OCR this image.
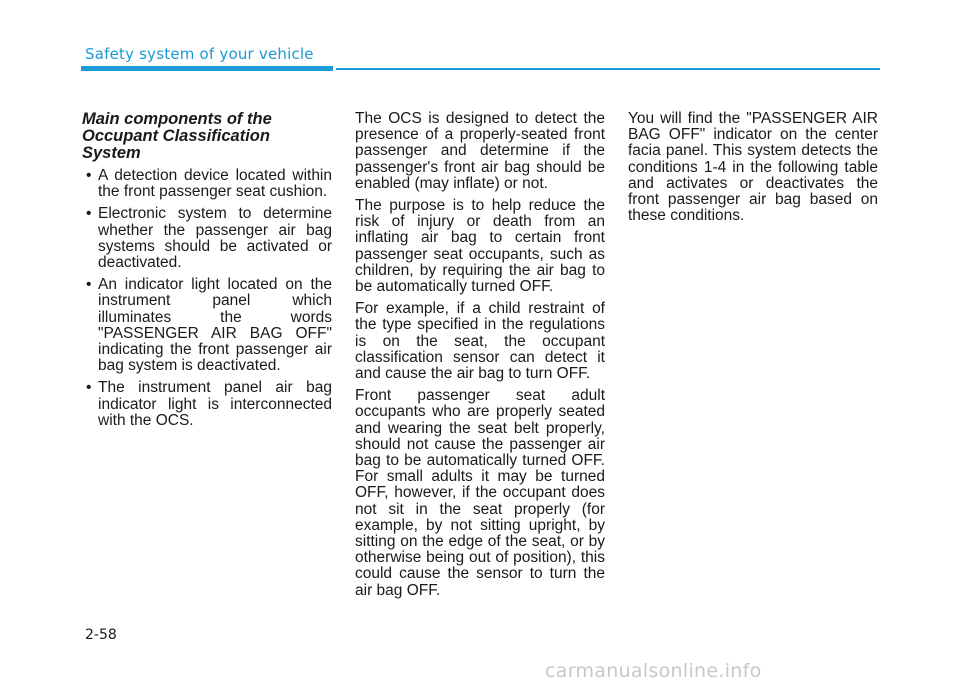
Safety system of your vehicle
Main components of the
Occupant Classification System
• A detection device located within the front passenger seat cushion.
• Electronic system to determine whether the passenger air bag systems should be activated or deactivated.
• An indicator light located on the instrument panel which illuminates the words "PASSENGER AIR BAG OFF" indicating the front passenger air bag system is deactivated.
• The instrument panel air bag indicator light is interconnected with the OCS.

The OCS is designed to detect the presence of a properly-seated front passenger and determine if the passenger's front air bag should be enabled (may inflate) or not.

The purpose is to help reduce the risk of injury or death from an inflating air bag to certain front passenger seat occupants, such as children, by requiring the air bag to be automatically turned OFF.

For example, if a child restraint of the type specified in the regulations is on the seat, the occupant classification sensor can detect it and cause the air bag to turn OFF.

Front passenger seat adult occupants who are properly seated and wearing the seat belt properly, should not cause the passenger air bag to be automatically turned OFF. For small adults it may be turned OFF, however, if the occupant does not sit in the seat properly (for example, by not sitting upright, by sitting on the edge of the seat, or by otherwise being out of position), this could cause the sensor to turn the air bag OFF.

You will find the "PASSENGER AIR BAG OFF" indicator on the center facia panel. This system detects the conditions 1-4 in the following table and activates or deactivates the front passenger air bag based on these conditions.

2-58
carmanualsonline.info
